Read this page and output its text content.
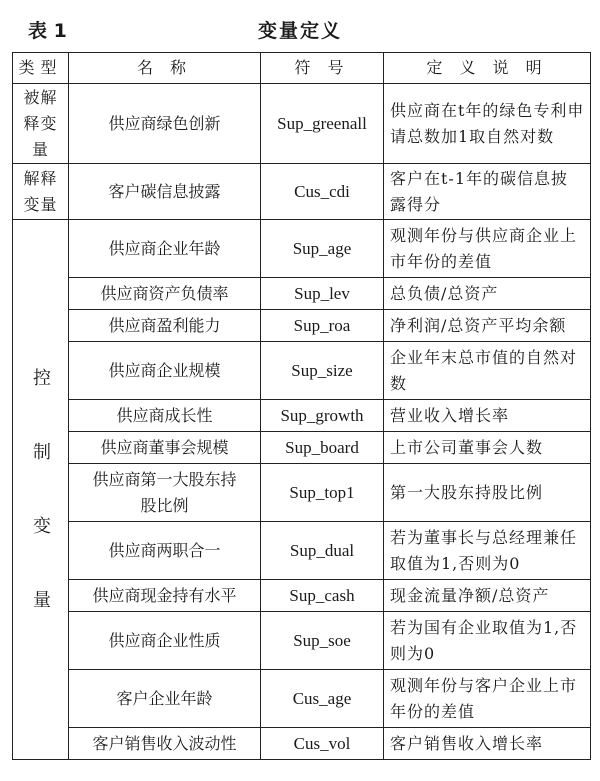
表 1	变量定义
类型	名 称	符 号	定 义 说 明
被解释变量	供应商绿色创新	Sup_greenall	供应商在t年的绿色专利申请总数加1取自然对数
解释变量	客户碳信息披露	Cus_cdi	客户在t-1年的碳信息披露得分
控制变量	供应商企业年龄	Sup_age	观测年份与供应商企业上市年份的差值
	供应商资产负债率	Sup_lev	总负债/总资产
	供应商盈利能力	Sup_roa	净利润/总资产平均余额
	供应商企业规模	Sup_size	企业年末总市值的自然对数
	供应商成长性	Sup_growth	营业收入增长率
	供应商董事会规模	Sup_board	上市公司董事会人数
	供应商第一大股东持股比例	Sup_top1	第一大股东持股比例
	供应商两职合一	Sup_dual	若为董事长与总经理兼任取值为1,否则为0
	供应商现金持有水平	Sup_cash	现金流量净额/总资产
	供应商企业性质	Sup_soe	若为国有企业取值为1,否则为0
	客户企业年龄	Cus_age	观测年份与客户企业上市年份的差值
	客户销售收入波动性	Cus_vol	客户销售收入增长率
